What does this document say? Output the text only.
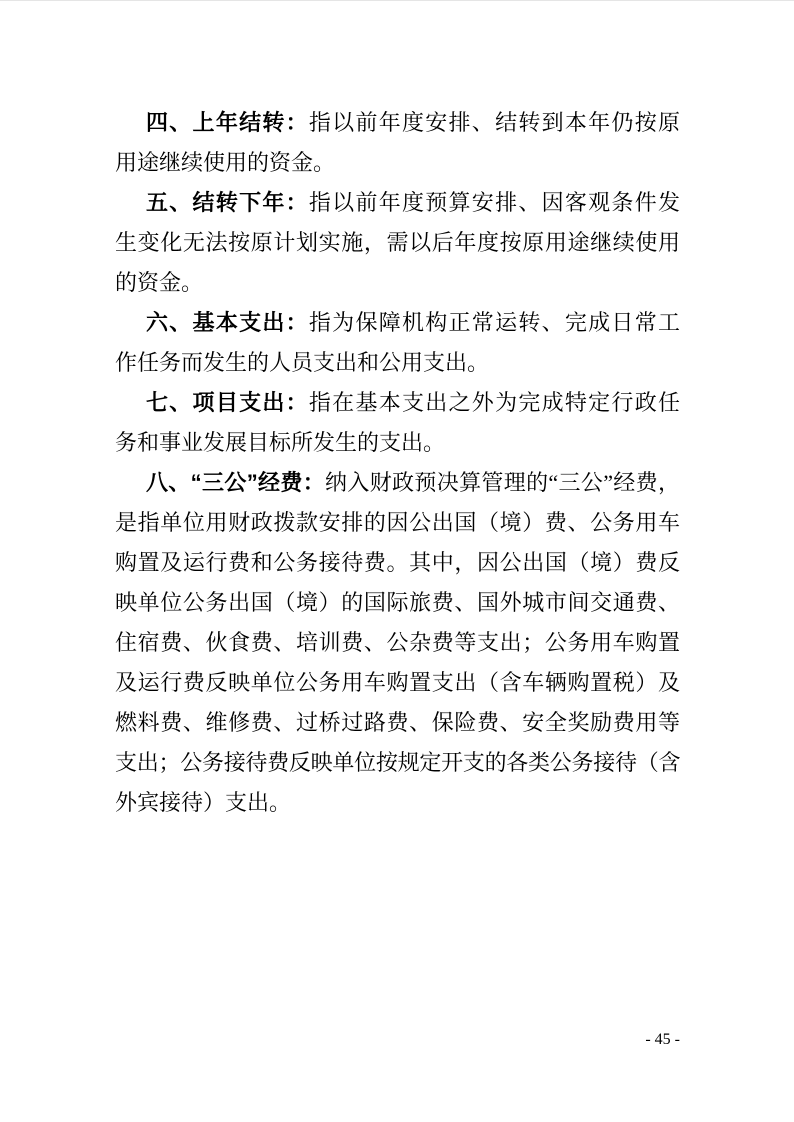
四、上年结转：指以前年度安排、结转到本年仍按原
用途继续使用的资金。
五、结转下年：指以前年度预算安排、因客观条件发
生变化无法按原计划实施，需以后年度按原用途继续使用
的资金。
六、基本支出：指为保障机构正常运转、完成日常工
作任务而发生的人员支出和公用支出。
七、项目支出：指在基本支出之外为完成特定行政任
务和事业发展目标所发生的支出。
八、“三公”经费：纳入财政预决算管理的“三公”经费，
是指单位用财政拨款安排的因公出国（境）费、公务用车
购置及运行费和公务接待费。其中，因公出国（境）费反
映单位公务出国（境）的国际旅费、国外城市间交通费、
住宿费、伙食费、培训费、公杂费等支出；公务用车购置
及运行费反映单位公务用车购置支出（含车辆购置税）及
燃料费、维修费、过桥过路费、保险费、安全奖励费用等
支出；公务接待费反映单位按规定开支的各类公务接待（含
外宾接待）支出。
- 45 -
